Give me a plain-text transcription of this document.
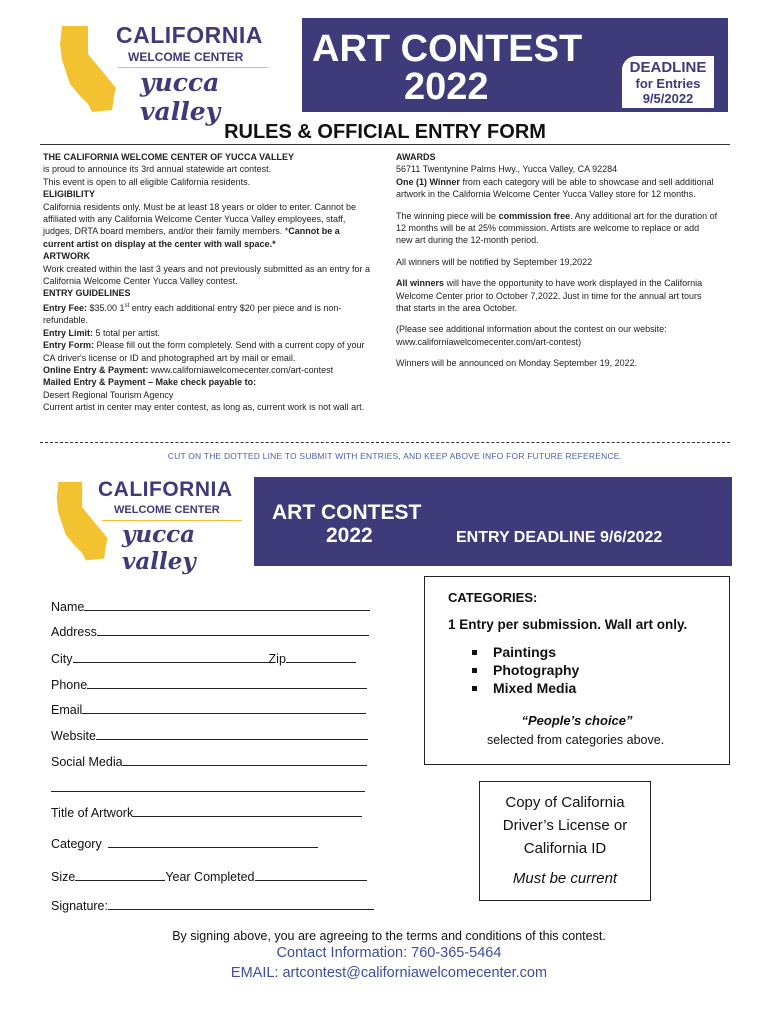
CALIFORNIA
WELCOME CENTER
yucca valley
ART CONTEST
2022	DEADLINE
for Entries
9/5/2022
RULES & OFFICIAL ENTRY FORM

THE CALIFORNIA WELCOME CENTER OF YUCCA VALLEY

is proud to announce its 3rd annual statewide art contest.

This event is open to all eligible California residents.

ELIGIBILITY

California residents only. Must be at least 18 years or older to enter. Cannot be affiliated with any California Welcome Center Yucca Valley employees, staff, judges, DRTA board members, and/or their family members. *Cannot be a current artist on display at the center with wall space.*

ARTWORK

Work created within the last 3 years and not previously submitted as an entry for a California Welcome Center Yucca Valley contest.

ENTRY GUIDELINES

Entry Fee: $35.00 1st entry each additional entry $20 per piece and is non-refundable.

Entry Limit: 5 total per artist.

Entry Form: Please fill out the form completely. Send with a current copy of your CA driver's license or ID and photographed art by mail or email.

Online Entry & Payment: www.californiawelcomecenter.com/art-contest

Mailed Entry & Payment – Make check payable to:

Desert Regional Tourism Agency

Current artist in center may enter contest, as long as, current work is not wall art.

AWARDS

56711 Twentynine Palms Hwy., Yucca Valley, CA 92284

One (1) Winner from each category will be able to showcase and sell additional artwork in the California Welcome Center Yucca Valley store for 12 months.

The winning piece will be commission free. Any additional art for the duration of 12 months will be at 25% commission. Artists are welcome to replace or add new art during the 12-month period.

All winners will be notified by September 19,2022

All winners will have the opportunity to have work displayed in the California Welcome Center prior to October 7,2022. Just in time for the annual art tours that starts in the area October.

(Please see additional information about the contest on our website: www.californiawelcomecenter.com/art-contest)

Winners will be announced on Monday September 19, 2022.

CUT ON THE DOTTED LINE TO SUBMIT WITH ENTRIES, AND KEEP ABOVE INFO FOR FUTURE REFERENCE.
CALIFORNIA
WELCOME CENTER
yucca valley
ART CONTEST
2022	ENTRY DEADLINE 9/6/2022
Name
Address
City	Zip
Phone
Email
Website
Social Media
Title of Artwork
Category
Size	Year Completed
Signature:
CATEGORIES:
1 Entry per submission. Wall art only.
Paintings
Photography
Mixed Media
“People’s choice”
selected from categories above.
Copy of California
Driver’s License or
California ID
Must be current
By signing above, you are agreeing to the terms and conditions of this contest.
Contact Information: 760-365-5464
EMAIL: artcontest@californiawelcomecenter.com
